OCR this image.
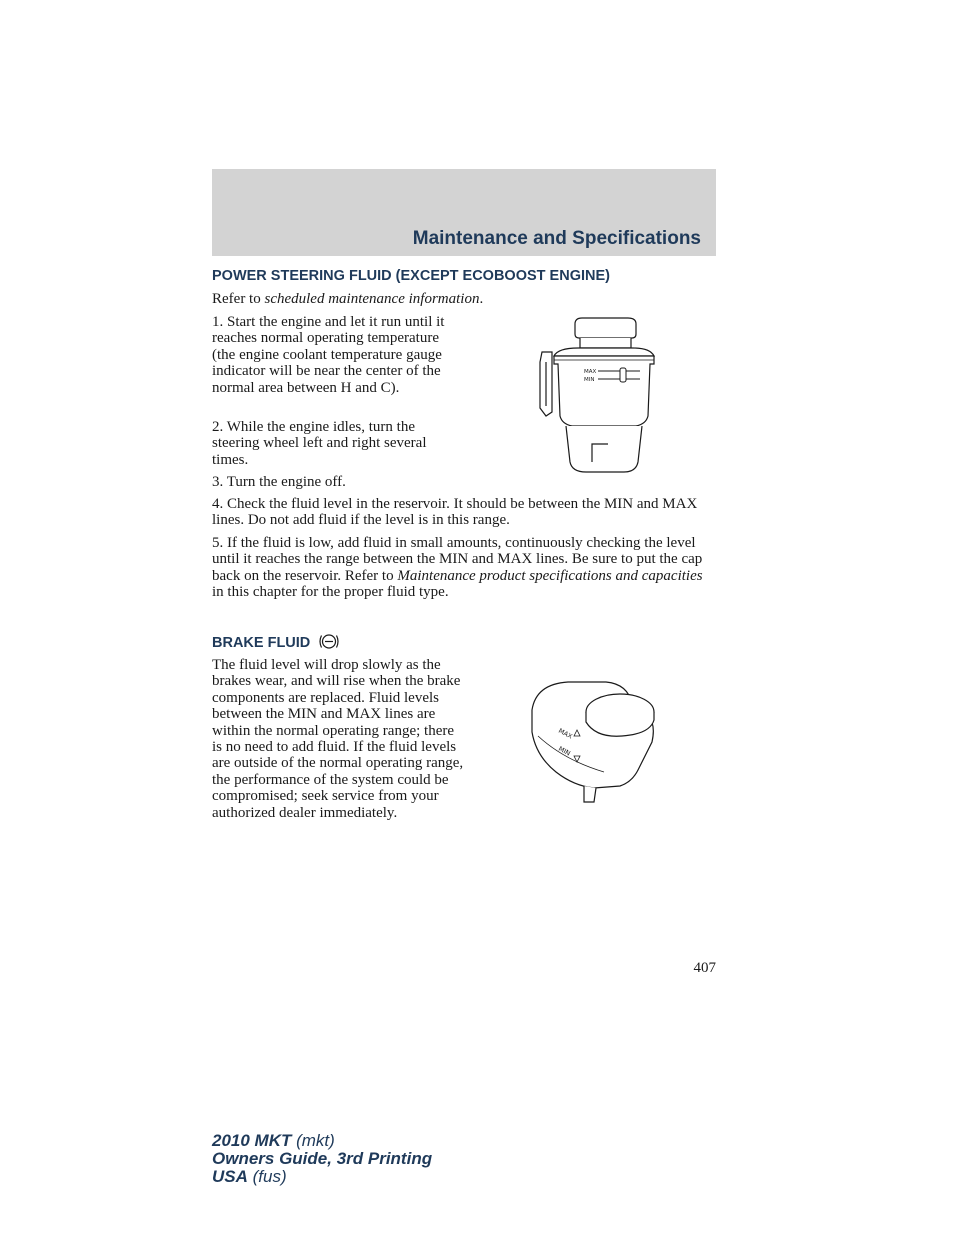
Maintenance and Specifications
POWER STEERING FLUID (EXCEPT ECOBOOST ENGINE)

Refer to scheduled maintenance information.

1. Start the engine and let it run until it reaches normal operating temperature (the engine coolant temperature gauge indicator will be near the center of the normal area between H and C).

2. While the engine idles, turn the steering wheel left and right several times.

3. Turn the engine off.

4. Check the fluid level in the reservoir. It should be between the MIN and MAX lines. Do not add fluid if the level is in this range.

5. If the fluid is low, add fluid in small amounts, continuously checking the level until it reaches the range between the MIN and MAX lines. Be sure to put the cap back on the reservoir. Refer to Maintenance product specifications and capacities in this chapter for the proper fluid type.

MAX
MIN
BRAKE FLUID

The fluid level will drop slowly as the brakes wear, and will rise when the brake components are replaced. Fluid levels between the MIN and MAX lines are within the normal operating range; there is no need to add fluid. If the fluid levels are outside of the normal operating range, the performance of the system could be compromised; seek service from your authorized dealer immediately.

MAX
MIN
407
2010 MKT (mkt)
Owners Guide, 3rd Printing
USA (fus)
